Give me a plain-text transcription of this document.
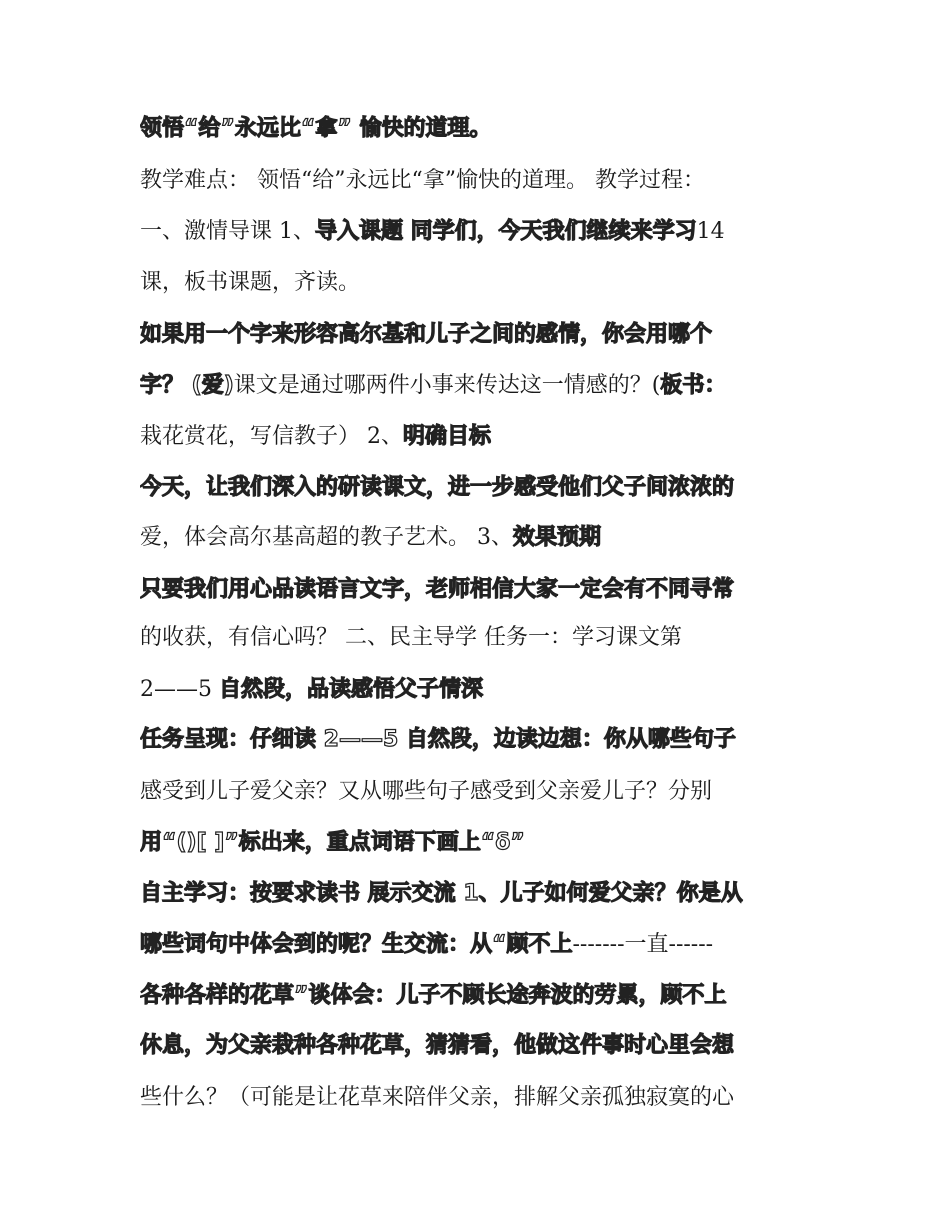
领悟“给”永远比“拿” 愉快的道理。
教学难点： 领悟“给”永远比“拿”愉快的道理。 教学过程：
一、激情导课 1、导入课题 同学们，今天我们继续来学习14
课，板书课题，齐读。
如果用一个字来形容高尔基和儿子之间的感情，你会用哪个
字？ (爱)课文是通过哪两件小事来传达这一情感的？(板书：
栽花赏花，写信教子） 2、明确目标
今天，让我们深入的研读课文，进一步感受他们父子间浓浓的
爱，体会高尔基高超的教子艺术。 3、效果预期
只要我们用心品读语言文字，老师相信大家一定会有不同寻常
的收获，有信心吗？ 二、民主导学 任务一：学习课文第
2——5 自然段，品读感悟父子情深
任务呈现：仔细读 2——5 自然段，边读边想：你从哪些句子
感受到儿子爱父亲？又从哪些句子感受到父亲爱儿子？分别
用“()[ ]”标出来，重点词语下画上“δ”
自主学习：按要求读书 展示交流 1、儿子如何爱父亲？你是从
哪些词句中体会到的呢？生交流：从“顾不上-------一直------
各种各样的花草”谈体会：儿子不顾长途奔波的劳累，顾不上
休息，为父亲栽种各种花草，猜猜看，他做这件事时心里会想
些什么？（可能是让花草来陪伴父亲，排解父亲孤独寂寞的心
